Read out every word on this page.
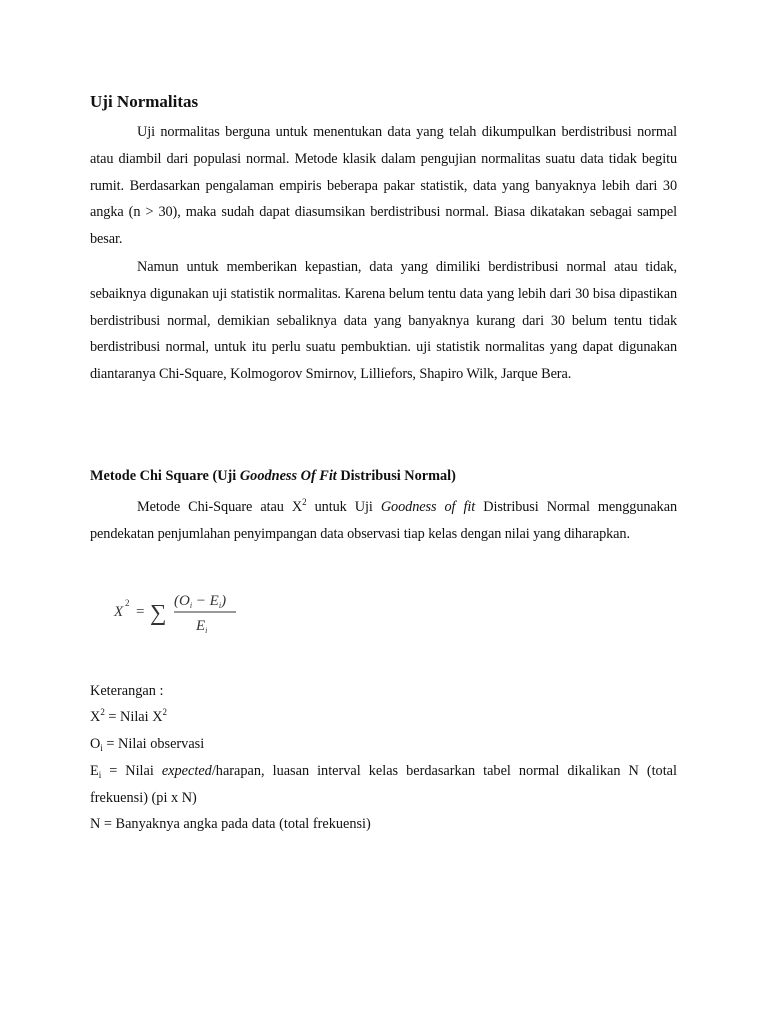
Uji Normalitas

Uji normalitas berguna untuk menentukan data yang telah dikumpulkan berdistribusi normal atau diambil dari populasi normal. Metode klasik dalam pengujian normalitas suatu data tidak begitu rumit. Berdasarkan pengalaman empiris beberapa pakar statistik, data yang banyaknya lebih dari 30 angka (n > 30), maka sudah dapat diasumsikan berdistribusi normal. Biasa dikatakan sebagai sampel besar.

Namun untuk memberikan kepastian, data yang dimiliki berdistribusi normal atau tidak, sebaiknya digunakan uji statistik normalitas. Karena belum tentu data yang lebih dari 30 bisa dipastikan berdistribusi normal, demikian sebaliknya data yang banyaknya kurang dari 30 belum tentu tidak berdistribusi normal, untuk itu perlu suatu pembuktian. uji statistik normalitas yang dapat digunakan diantaranya Chi-Square, Kolmogorov Smirnov, Lilliefors, Shapiro Wilk, Jarque Bera.

Metode Chi Square (Uji Goodness Of Fit Distribusi Normal)

Metode Chi-Square atau $X^2$ untuk Uji Goodness of fit Distribusi Normal menggunakan pendekatan penjumlahan penyimpangan data observasi tiap kelas dengan nilai yang diharapkan.

X
2
= ∑ $(O_i - E_i)$
$E_i$

Keterangan :

$X^2$ = Nilai $X^2$

$O_i$ = Nilai observasi

$E_i$ = Nilai expected/harapan, luasan interval kelas berdasarkan tabel normal dikalikan N (total frekuensi) (pi x N)

N = Banyaknya angka pada data (total frekuensi)
